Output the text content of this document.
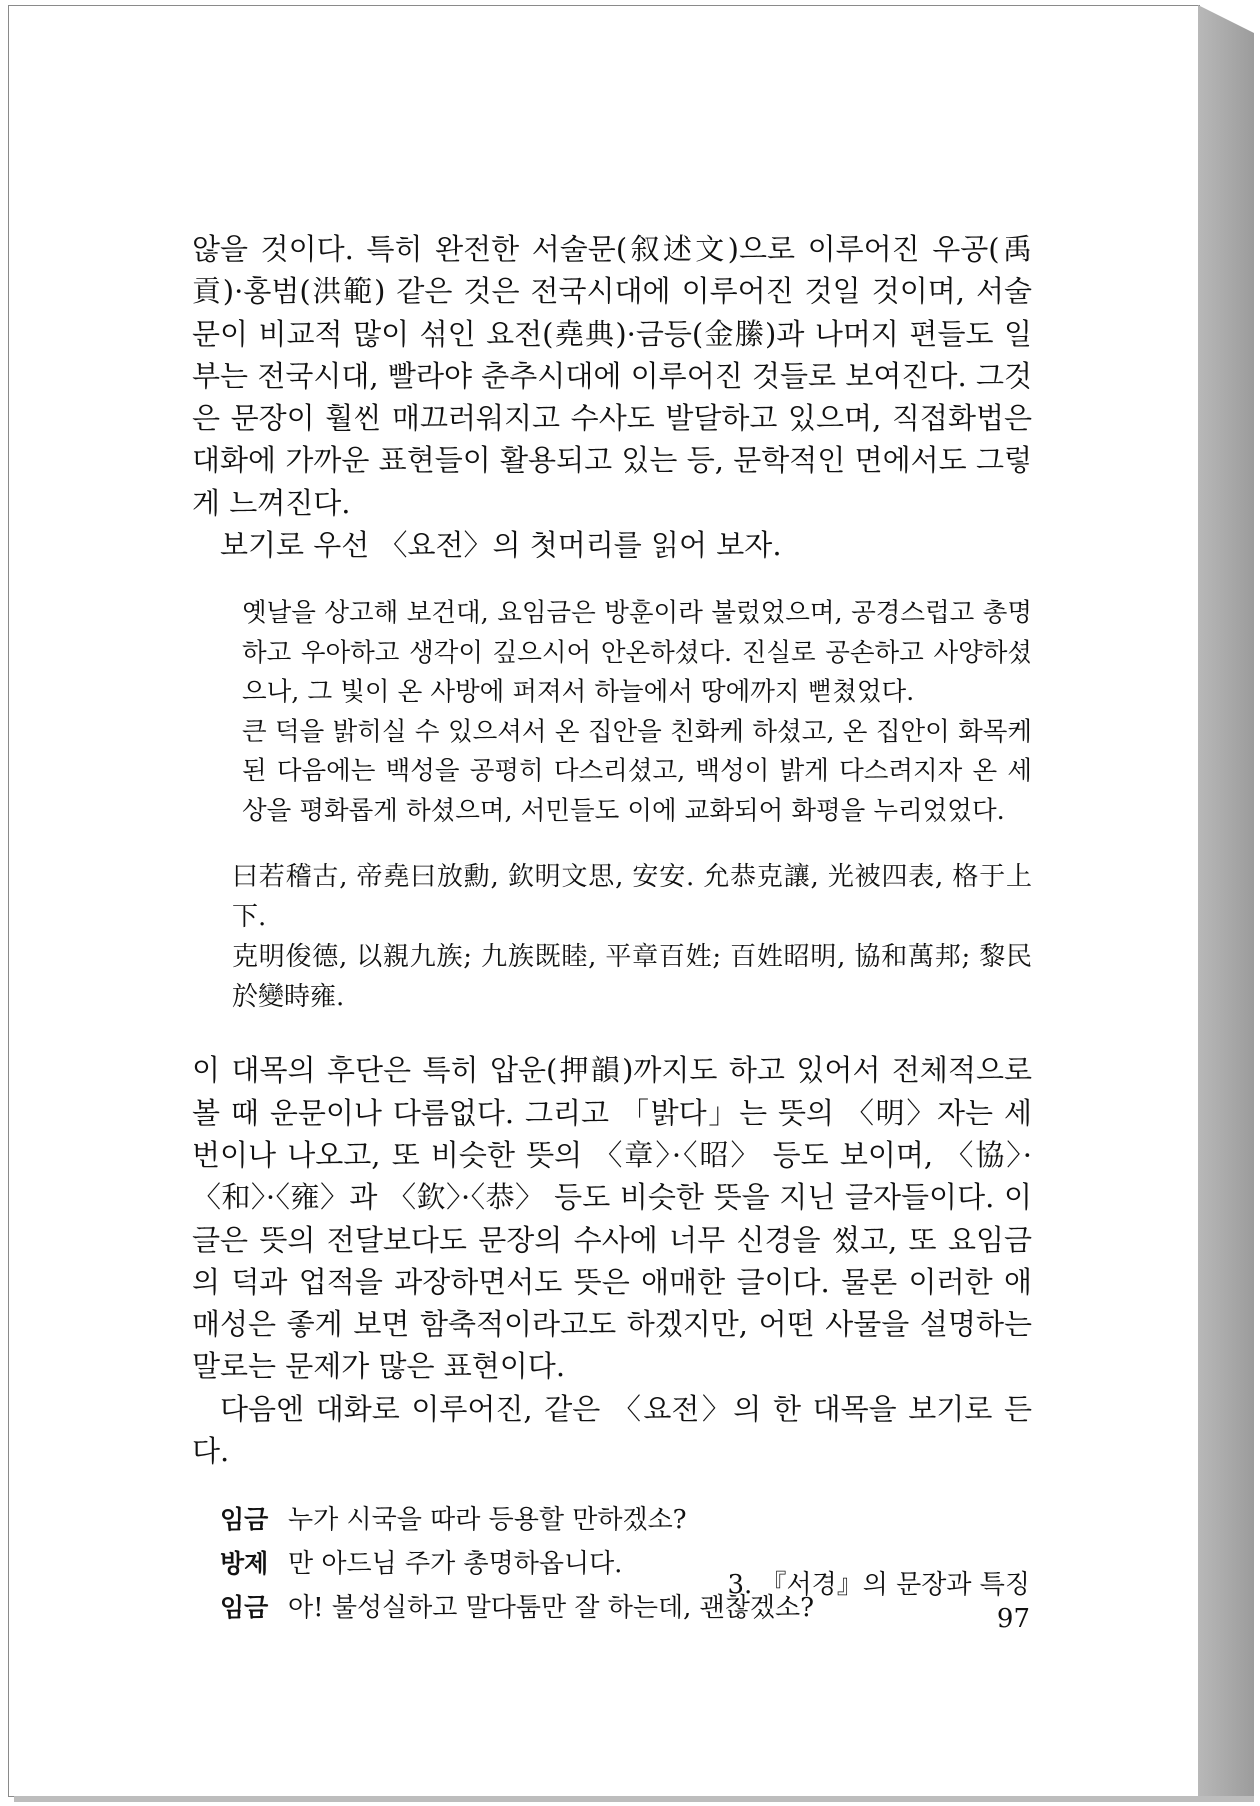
않을 것이다. 특히 완전한 서술문(叙述文)으로 이루어진 우공(禹貢)·홍범(洪範) 같은 것은 전국시대에 이루어진 것일 것이며, 서술문이 비교적 많이 섞인 요전(堯典)·금등(金縢)과 나머지 편들도 일부는 전국시대, 빨라야 춘추시대에 이루어진 것들로 보여진다. 그것은 문장이 훨씬 매끄러워지고 수사도 발달하고 있으며, 직접화법은 대화에 가까운 표현들이 활용되고 있는 등, 문학적인 면에서도 그렇게 느껴진다.

보기로 우선 〈요전〉의 첫머리를 읽어 보자.

옛날을 상고해 보건대, 요임금은 방훈이라 불렀었으며, 공경스럽고 총명하고 우아하고 생각이 깊으시어 안온하셨다. 진실로 공손하고 사양하셨으나, 그 빛이 온 사방에 퍼져서 하늘에서 땅에까지 뻗쳤었다.

큰 덕을 밝히실 수 있으셔서 온 집안을 친화케 하셨고, 온 집안이 화목케 된 다음에는 백성을 공평히 다스리셨고, 백성이 밝게 다스려지자 온 세상을 평화롭게 하셨으며, 서민들도 이에 교화되어 화평을 누리었었다.

曰若稽古, 帝堯曰放勳, 欽明文思, 安安. 允恭克讓, 光被四表, 格于上下.

克明俊德, 以親九族; 九族既睦, 平章百姓; 百姓昭明, 協和萬邦; 黎民於變時雍.

이 대목의 후단은 특히 압운(押韻)까지도 하고 있어서 전체적으로 볼 때 운문이나 다름없다. 그리고 「밝다」는 뜻의 〈明〉자는 세번이나 나오고, 또 비슷한 뜻의 〈章〉·〈昭〉 등도 보이며, 〈協〉·〈和〉·〈雍〉과 〈欽〉·〈恭〉 등도 비슷한 뜻을 지닌 글자들이다. 이 글은 뜻의 전달보다도 문장의 수사에 너무 신경을 썼고, 또 요임금의 덕과 업적을 과장하면서도 뜻은 애매한 글이다. 물론 이러한 애매성은 좋게 보면 함축적이라고도 하겠지만, 어떤 사물을 설명하는 말로는 문제가 많은 표현이다.

다음엔 대화로 이루어진, 같은 〈요전〉의 한 대목을 보기로 든다.

임금 누가 시국을 따라 등용할 만하겠소?
방제 만 아드님 주가 총명하옵니다.
임금 아! 불성실하고 말다툼만 잘 하는데, 괜찮겠소?
3. 『서경』의 문장과 특징 97
